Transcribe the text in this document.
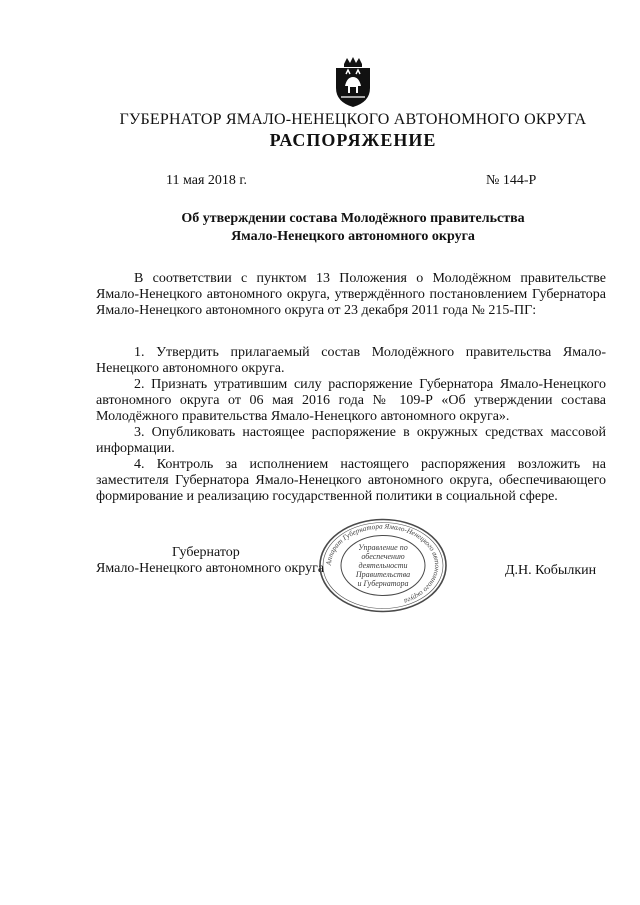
ГУБЕРНАТОР ЯМАЛО-НЕНЕЦКОГО АВТОНОМНОГО ОКРУГА
РАСПОРЯЖЕНИЕ
11 мая 2018 г.	№ 144-Р
Об утверждении состава Молодёжного правительства
Ямало-Ненецкого автономного округа

В соответствии с пунктом 13 Положения о Молодёжном правительстве Ямало-Ненецкого автономного округа, утверждённого постановлением Губернатора Ямало-Ненецкого автономного округа от 23 декабря 2011 года № 215-ПГ:

1. Утвердить прилагаемый состав Молодёжного правительства Ямало-Ненецкого автономного округа.

2. Признать утратившим силу распоряжение Губернатора Ямало-Ненецкого автономного округа от 06 мая 2016 года № 109-Р «Об утверждении состава Молодёжного правительства Ямало-Ненецкого автономного округа».

3. Опубликовать настоящее распоряжение в окружных средствах массовой информации.

4. Контроль за исполнением настоящего распоряжения возложить на заместителя Губернатора Ямало-Ненецкого автономного округа, обеспечивающего формирование и реализацию государственной политики в социальной сфере.

Губернатор
Ямало-Ненецкого автономного округа Аппарат Губернатора Ямало-Ненецкого автономного округа
Управление по
обеспечению
деятельности
Правительства
и Губернатора
Д.Н. Кобылкин
